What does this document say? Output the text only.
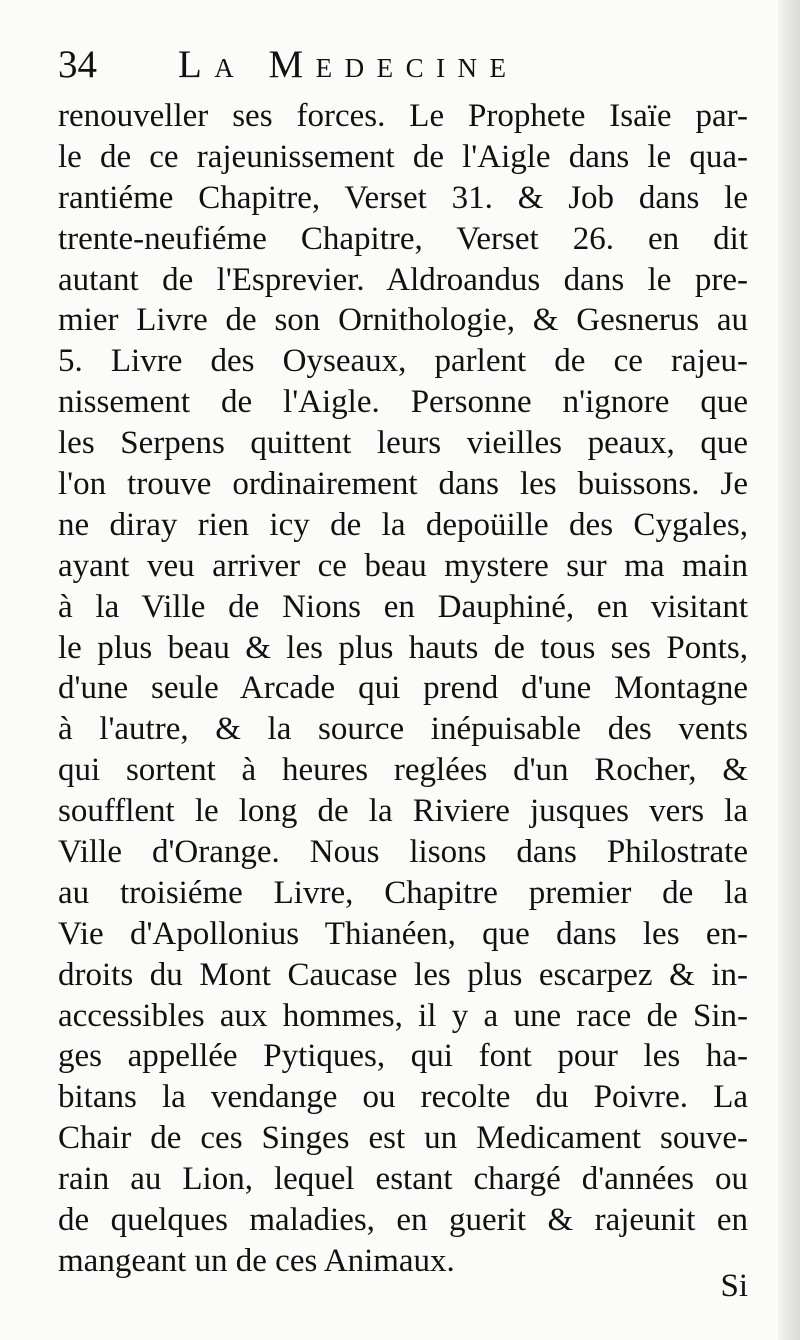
34 La Medecine
renouveller ses forces. Le Prophete Isaïe par-
le de ce rajeunissement de l'Aigle dans le qua-
rantiéme Chapitre, Verset 31. & Job dans le
trente-neufiéme Chapitre, Verset 26. en dit
autant de l'Esprevier. Aldroandus dans le pre-
mier Livre de son Ornithologie, & Gesnerus au
5. Livre des Oyseaux, parlent de ce rajeu-
nissement de l'Aigle. Personne n'ignore que
les Serpens quittent leurs vieilles peaux, que
l'on trouve ordinairement dans les buissons. Je
ne diray rien icy de la depoüille des Cygales,
ayant veu arriver ce beau mystere sur ma main
à la Ville de Nions en Dauphiné, en visitant
le plus beau & les plus hauts de tous ses Ponts,
d'une seule Arcade qui prend d'une Montagne
à l'autre, & la source inépuisable des vents
qui sortent à heures reglées d'un Rocher, &
soufflent le long de la Riviere jusques vers la
Ville d'Orange. Nous lisons dans Philostrate
au troisiéme Livre, Chapitre premier de la
Vie d'Apollonius Thianéen, que dans les en-
droits du Mont Caucase les plus escarpez & in-
accessibles aux hommes, il y a une race de Sin-
ges appellée Pytiques, qui font pour les ha-
bitans la vendange ou recolte du Poivre. La
Chair de ces Singes est un Medicament souve-
rain au Lion, lequel estant chargé d'années ou
de quelques maladies, en guerit & rajeunit en
mangeant un de ces Animaux.
Si
